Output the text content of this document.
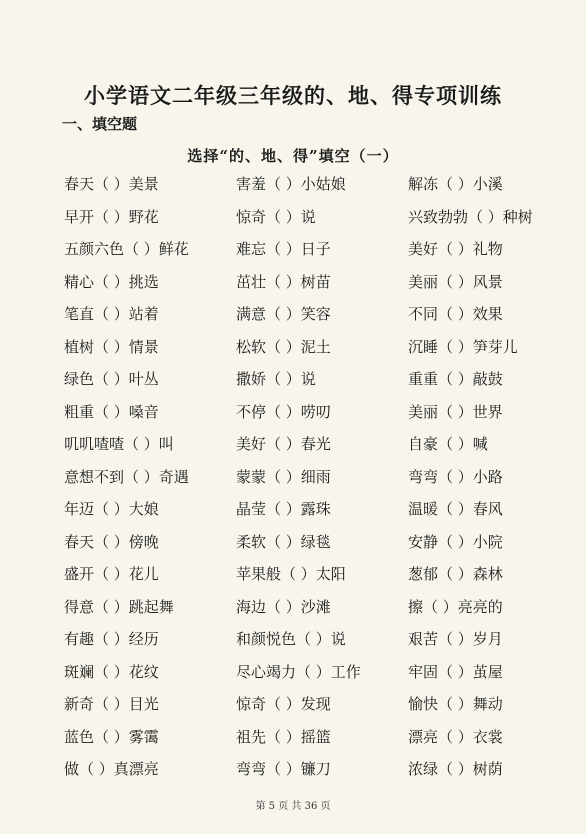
小学语文二年级三年级的、地、得专项训练
一、填空题
选择“的、地、得”填空（一）
春天（ ）美景	害羞（ ）小姑娘	解冻（ ）小溪
早开（ ）野花	惊奇（ ）说	兴致勃勃（ ）种树
五颜六色（ ）鲜花	难忘（ ）日子	美好（ ）礼物
精心（ ）挑选	茁壮（ ）树苗	美丽（ ）风景
笔直（ ）站着	满意（ ）笑容	不同（ ）效果
植树（ ）情景	松软（ ）泥土	沉睡（ ）笋芽儿
绿色（ ）叶丛	撒娇（ ）说	重重（ ）敲鼓
粗重（ ）嗓音	不停（ ）唠叨	美丽（ ）世界
叽叽喳喳（ ）叫	美好（ ）春光	自豪（ ）喊
意想不到（ ）奇遇	蒙蒙（ ）细雨	弯弯（ ）小路
年迈（ ）大娘	晶莹（ ）露珠	温暖（ ）春风
春天（ ）傍晚	柔软（ ）绿毯	安静（ ）小院
盛开（ ）花儿	苹果般（ ）太阳	葱郁（ ）森林
得意（ ）跳起舞	海边（ ）沙滩	擦（ ）亮亮的
有趣（ ）经历	和颜悦色（ ）说	艰苦（ ）岁月
斑斓（ ）花纹	尽心竭力（ ）工作	牢固（ ）茧屋
新奇（ ）目光	惊奇（ ）发现	愉快（ ）舞动
蓝色（ ）雾霭	祖先（ ）摇篮	漂亮（ ）衣裳
做（ ）真漂亮	弯弯（ ）镰刀	浓绿（ ）树荫
第 5 页 共 36 页
